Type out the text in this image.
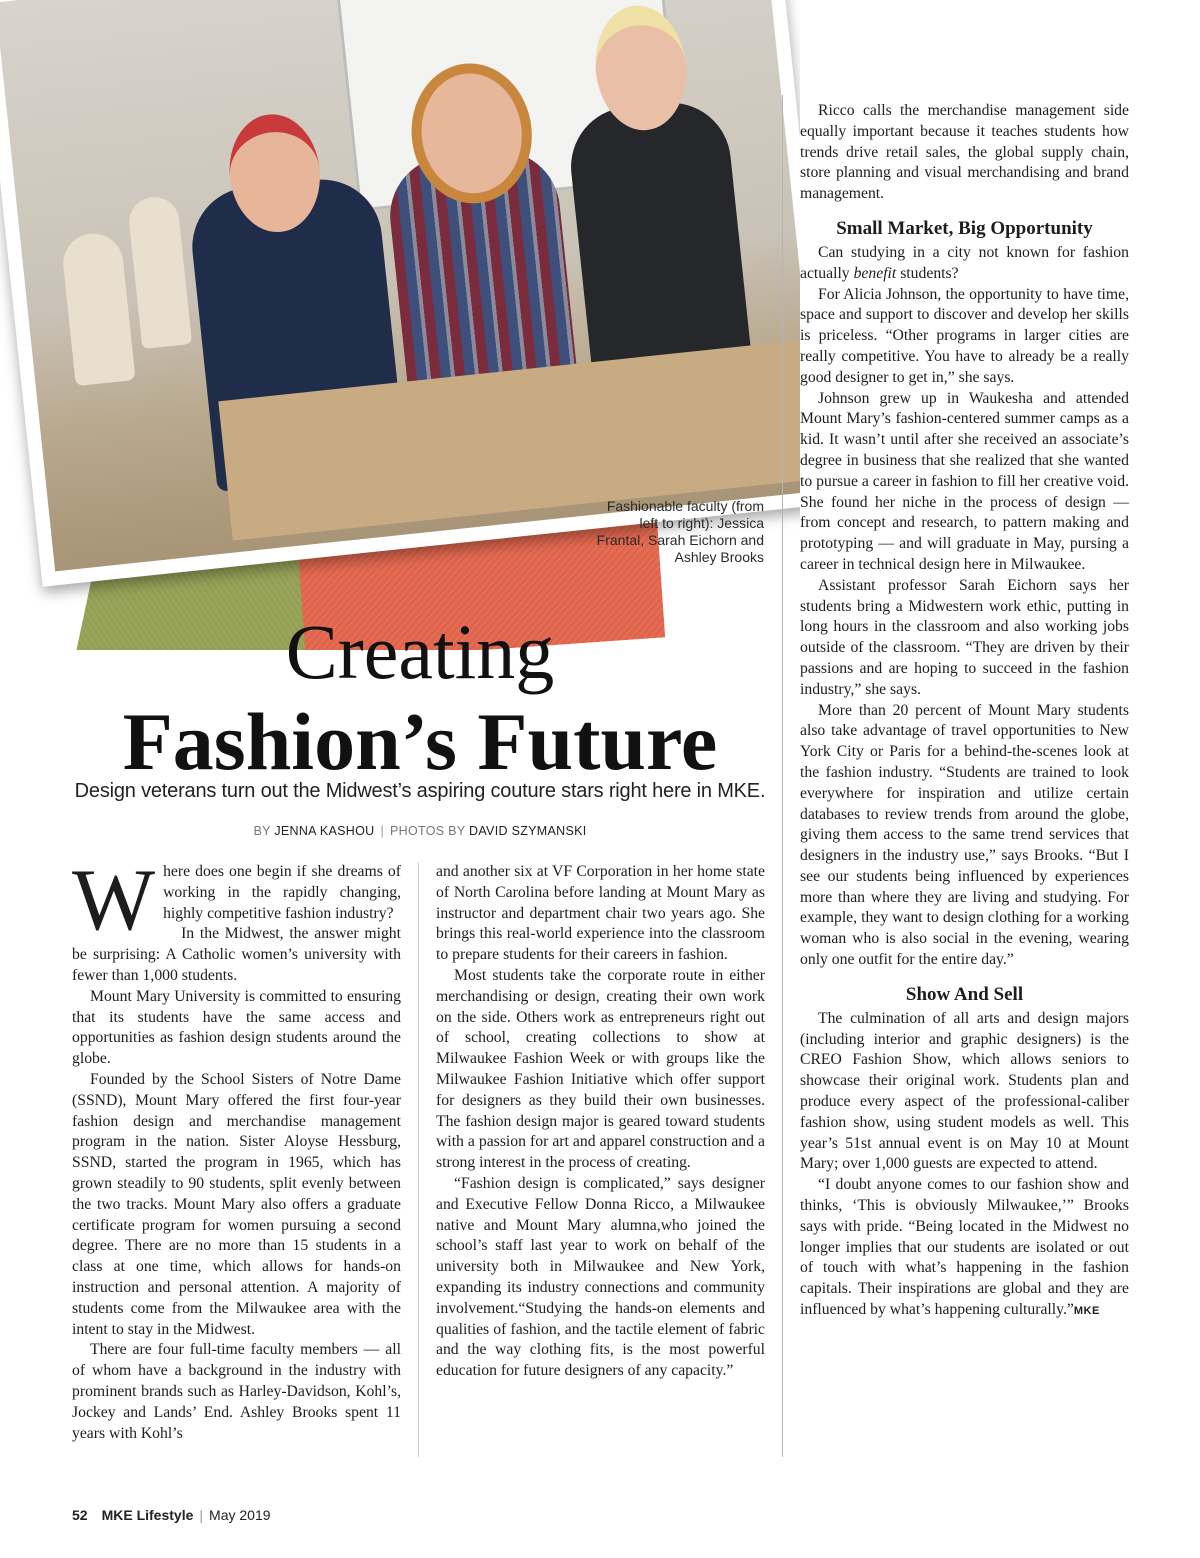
Fashionable faculty (from left to right): Jessica Frantal, Sarah Eichorn and Ashley Brooks

Creating
Fashion’s Future

Design veterans turn out the Midwest’s aspiring couture stars right here in MKE.

BY JENNA KASHOU | PHOTOS BY DAVID SZYMANSKI

Where does one begin if she dreams of working in the rapidly changing, highly competitive fashion industry?

In the Midwest, the answer might be surprising: A Catholic women’s university with fewer than 1,000 students.

Mount Mary University is committed to ensuring that its students have the same access and opportunities as fashion design students around the globe.

Founded by the School Sisters of Notre Dame (SSND), Mount Mary offered the first four-year fashion design and merchandise management program in the nation. Sister Aloyse Hessburg, SSND, started the program in 1965, which has grown steadily to 90 students, split evenly between the two tracks. Mount Mary also offers a graduate certificate program for women pursuing a second degree. There are no more than 15 students in a class at one time, which allows for hands-on instruction and personal attention. A majority of students come from the Milwaukee area with the intent to stay in the Midwest.

There are four full-time faculty members — all of whom have a background in the industry with prominent brands such as Harley-Davidson, Kohl’s, Jockey and Lands’ End. Ashley Brooks spent 11 years with Kohl’s

and another six at VF Corporation in her home state of North Carolina before landing at Mount Mary as instructor and department chair two years ago. She brings this real-world experience into the classroom to prepare students for their careers in fashion.

Most students take the corporate route in either merchandising or design, creating their own work on the side. Others work as entrepreneurs right out of school, creating collections to show at Milwaukee Fashion Week or with groups like the Milwaukee Fashion Initiative which offer support for designers as they build their own businesses. The fashion design major is geared toward students with a passion for art and apparel construction and a strong interest in the process of creating.

“Fashion design is complicated,” says designer and Executive Fellow Donna Ricco, a Milwaukee native and Mount Mary alumna,who joined the school’s staff last year to work on behalf of the university both in Milwaukee and New York, expanding its industry connections and community involvement.“Studying the hands-on elements and qualities of fashion, and the tactile element of fabric and the way clothing fits, is the most powerful education for future designers of any capacity.”

Ricco calls the merchandise management side equally important because it teaches students how trends drive retail sales, the global supply chain, store planning and visual merchandising and brand management.

Small Market, Big Opportunity

Can studying in a city not known for fashion actually benefit students?

For Alicia Johnson, the opportunity to have time, space and support to discover and develop her skills is priceless. “Other programs in larger cities are really competitive. You have to already be a really good designer to get in,” she says.

Johnson grew up in Waukesha and attended Mount Mary’s fashion-centered summer camps as a kid. It wasn’t until after she received an associate’s degree in business that she realized that she wanted to pursue a career in fashion to fill her creative void. She found her niche in the process of design — from concept and research, to pattern making and prototyping — and will graduate in May, pursing a career in technical design here in Milwaukee.

Assistant professor Sarah Eichorn says her students bring a Midwestern work ethic, putting in long hours in the classroom and also working jobs outside of the classroom. “They are driven by their passions and are hoping to succeed in the fashion industry,” she says.

More than 20 percent of Mount Mary students also take advantage of travel opportunities to New York City or Paris for a behind-the-scenes look at the fashion industry. “Students are trained to look everywhere for inspiration and utilize certain databases to review trends from around the globe, giving them access to the same trend services that designers in the industry use,” says Brooks. “But I see our students being influenced by experiences more than where they are living and studying. For example, they want to design clothing for a working woman who is also social in the evening, wearing only one outfit for the entire day.”

Show And Sell

The culmination of all arts and design majors (including interior and graphic designers) is the CREO Fashion Show, which allows seniors to showcase their original work. Students plan and produce every aspect of the professional-caliber fashion show, using student models as well. This year’s 51st annual event is on May 10 at Mount Mary; over 1,000 guests are expected to attend.

“I doubt anyone comes to our fashion show and thinks, ‘This is obviously Milwaukee,’” Brooks says with pride. “Being located in the Midwest no longer implies that our students are isolated or out of touch with what’s happening in the fashion capitals. Their inspirations are global and they are influenced by what’s happening culturally.”MKE

52 MKE Lifestyle | May 2019
